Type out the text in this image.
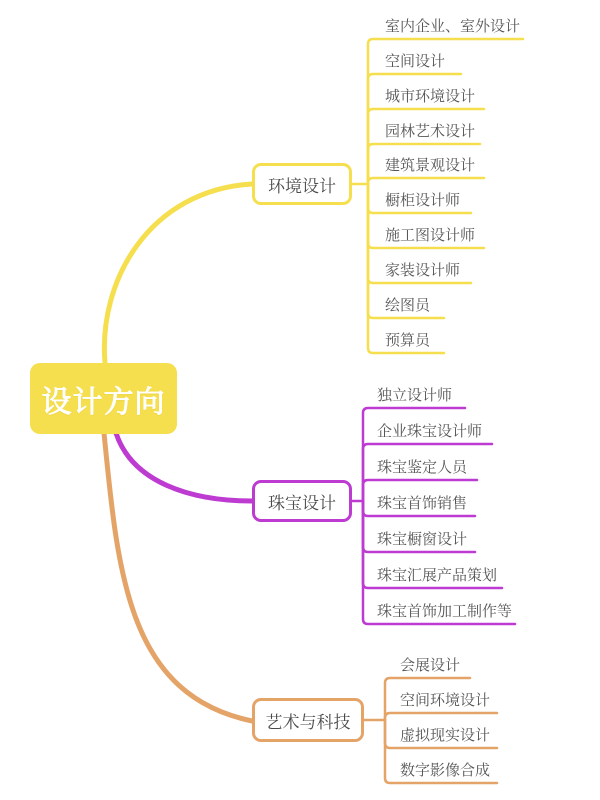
设计方向
环境设计
珠宝设计
艺术与科技
室内企业、室外设计
空间设计
城市环境设计
园林艺术设计
建筑景观设计
橱柜设计师
施工图设计师
家装设计师
绘图员
预算员
独立设计师
企业珠宝设计师
珠宝鉴定人员
珠宝首饰销售
珠宝橱窗设计
珠宝汇展产品策划
珠宝首饰加工制作等
会展设计
空间环境设计
虚拟现实设计
数字影像合成
